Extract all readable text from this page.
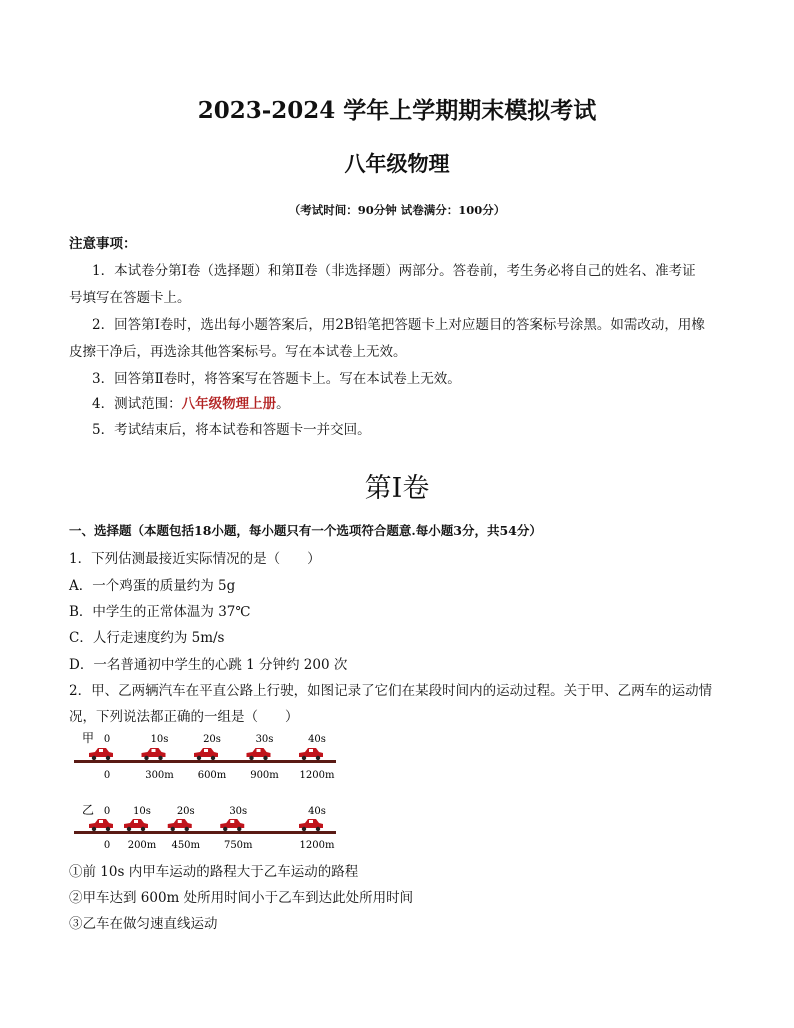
2023-2024 学年上学期期末模拟考试
八年级物理
（考试时间：90分钟 试卷满分：100分）
注意事项：
1．本试卷分第Ⅰ卷（选择题）和第Ⅱ卷（非选择题）两部分。答卷前，考生务必将自己的姓名、准考证
号填写在答题卡上。
2．回答第Ⅰ卷时，选出每小题答案后，用2B铅笔把答题卡上对应题目的答案标号涂黑。如需改动，用橡
皮擦干净后，再选涂其他答案标号。写在本试卷上无效。
3．回答第Ⅱ卷时，将答案写在答题卡上。写在本试卷上无效。
4．测试范围：八年级物理上册。
5．考试结束后，将本试卷和答题卡一并交回。
第Ⅰ卷
一、选择题（本题包括18小题，每小题只有一个选项符合题意.每小题3分，共54分）
1．下列估测最接近实际情况的是（　　）
A．一个鸡蛋的质量约为 5g
B．中学生的正常体温为 37℃
C．人行走速度约为 5m/s
D．一名普通初中学生的心跳 1 分钟约 200 次
2．甲、乙两辆汽车在平直公路上行驶，如图记录了它们在某段时间内的运动过程。关于甲、乙两车的运动情
况，下列说法都正确的一组是（　　）
甲 0
0
10s
300m
20s
600m
30s
900m
40s
1200m
乙 0
0
10s
200m
20s
450m
30s
750m
40s
1200m
①前 10s 内甲车运动的路程大于乙车运动的路程
②甲车达到 600m 处所用时间小于乙车到达此处所用时间
③乙车在做匀速直线运动
